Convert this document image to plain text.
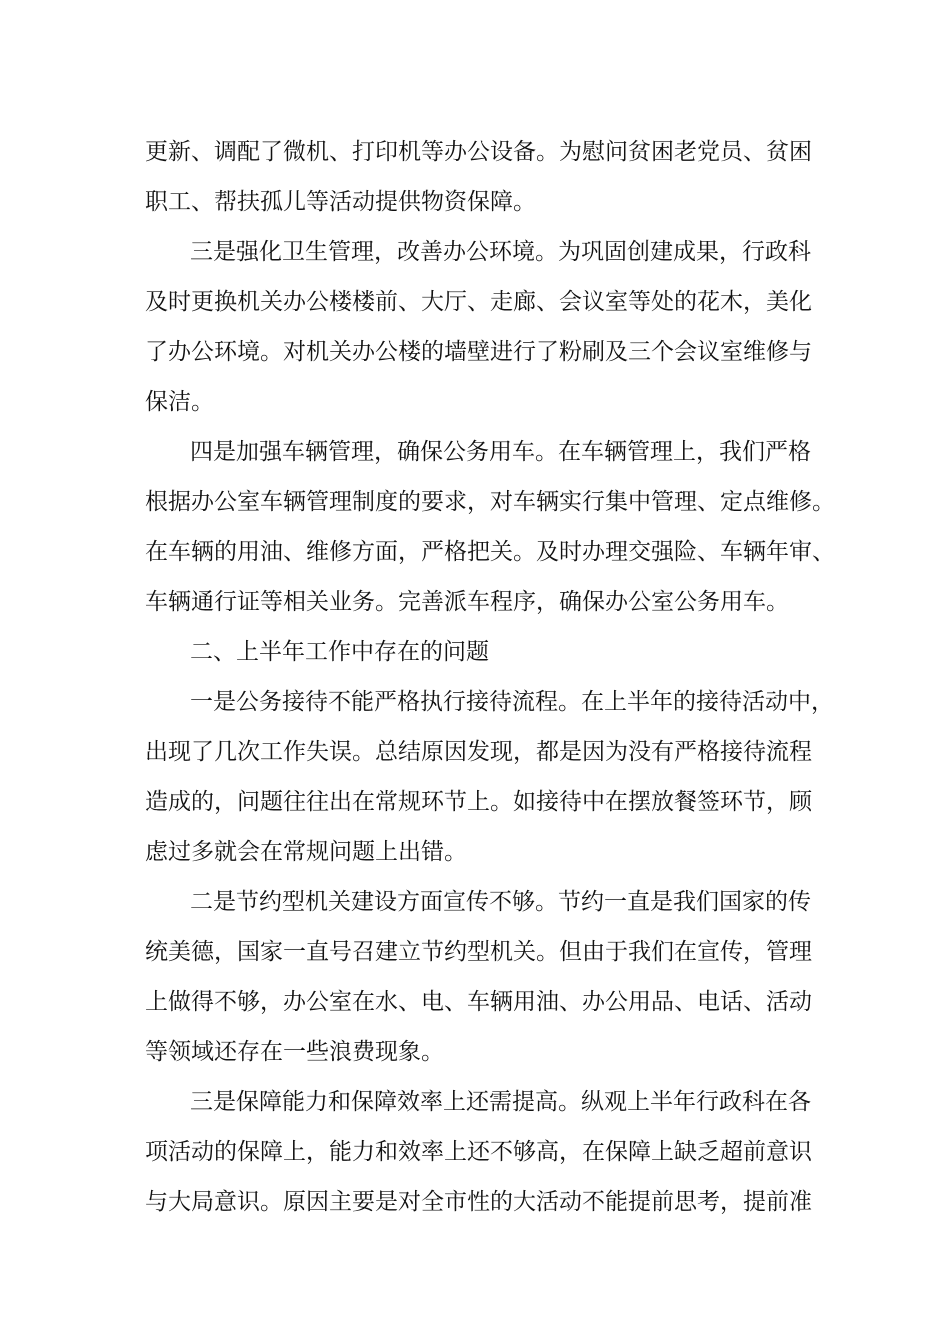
更新、调配了微机、打印机等办公设备。为慰问贫困老党员、贫困
职工、帮扶孤儿等活动提供物资保障。
三是强化卫生管理，改善办公环境。为巩固创建成果，行政科
及时更换机关办公楼楼前、大厅、走廊、会议室等处的花木，美化
了办公环境。对机关办公楼的墙壁进行了粉刷及三个会议室维修与
保洁。
四是加强车辆管理，确保公务用车。在车辆管理上，我们严格
根据办公室车辆管理制度的要求，对车辆实行集中管理、定点维修。
在车辆的用油、维修方面，严格把关。及时办理交强险、车辆年审、
车辆通行证等相关业务。完善派车程序，确保办公室公务用车。
二、上半年工作中存在的问题
一是公务接待不能严格执行接待流程。在上半年的接待活动中，
出现了几次工作失误。总结原因发现，都是因为没有严格接待流程
造成的，问题往往出在常规环节上。如接待中在摆放餐签环节，顾
虑过多就会在常规问题上出错。
二是节约型机关建设方面宣传不够。节约一直是我们国家的传
统美德，国家一直号召建立节约型机关。但由于我们在宣传，管理
上做得不够，办公室在水、电、车辆用油、办公用品、电话、活动
等领域还存在一些浪费现象。
三是保障能力和保障效率上还需提高。纵观上半年行政科在各
项活动的保障上，能力和效率上还不够高，在保障上缺乏超前意识
与大局意识。原因主要是对全市性的大活动不能提前思考，提前准
